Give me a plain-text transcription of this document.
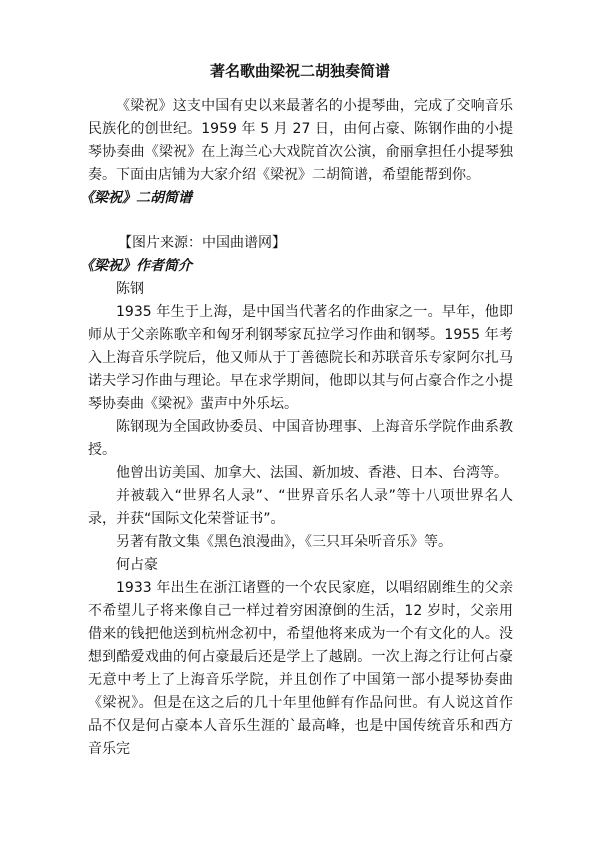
著名歌曲梁祝二胡独奏简谱

《梁祝》这支中国有史以来最著名的小提琴曲，完成了交响音乐民族化的创世纪。1959 年 5 月 27 日，由何占豪、陈钢作曲的小提琴协奏曲《梁祝》在上海兰心大戏院首次公演，俞丽拿担任小提琴独奏。下面由店铺为大家介绍《梁祝》二胡简谱，希望能帮到你。

《梁祝》二胡简谱
【图片来源：中国曲谱网】
《梁祝》作者简介

陈钢

1935 年生于上海，是中国当代著名的作曲家之一。早年，他即师从于父亲陈歌辛和匈牙利钢琴家瓦拉学习作曲和钢琴。1955 年考入上海音乐学院后，他又师从于丁善德院长和苏联音乐专家阿尔扎马诺夫学习作曲与理论。早在求学期间，他即以其与何占豪合作之小提琴协奏曲《梁祝》蜚声中外乐坛。

陈钢现为全国政协委员、中国音协理事、上海音乐学院作曲系教授。

他曾出访美国、加拿大、法国、新加坡、香港、日本、台湾等。

并被载入“世界名人录”、“世界音乐名人录”等十八项世界名人录，并获“国际文化荣誉证书”。

另著有散文集《黑色浪漫曲》，《三只耳朵听音乐》等。

何占豪

1933 年出生在浙江诸暨的一个农民家庭，以唱绍剧维生的父亲不希望儿子将来像自己一样过着穷困潦倒的生活，12 岁时，父亲用借来的钱把他送到杭州念初中，希望他将来成为一个有文化的人。没想到酷爱戏曲的何占豪最后还是学上了越剧。一次上海之行让何占豪无意中考上了上海音乐学院，并且创作了中国第一部小提琴协奏曲《梁祝》。但是在这之后的几十年里他鲜有作品问世。有人说这首作品不仅是何占豪本人音乐生涯的`最高峰，也是中国传统音乐和西方音乐完
